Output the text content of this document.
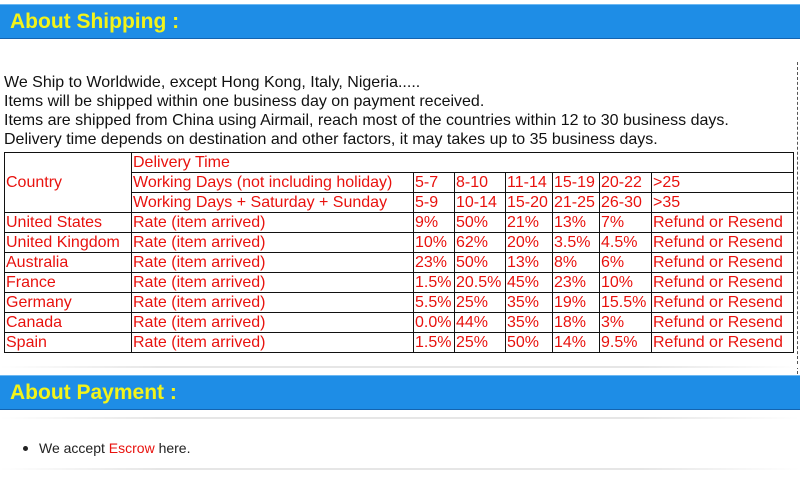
About Shipping :
We Ship to Worldwide, except Hong Kong, Italy, Nigeria.....
Items will be shipped within one business day on payment received.
Items are shipped from China using Airmail, reach most of the countries within 12 to 30 business days.
Delivery time depends on destination and other factors, it may takes up to 35 business days.
Country	Delivery Time						
	Working Days (not including holiday)	5-7	8-10	11-14	15-19	20-22	>25
	Working Days + Saturday + Sunday	5-9	10-14	15-20	21-25	26-30	>35
United States	Rate (item arrived)	9%	50%	21%	13%	7%	Refund or Resend
United Kingdom	Rate (item arrived)	10%	62%	20%	3.5%	4.5%	Refund or Resend
Australia	Rate (item arrived)	23%	50%	13%	8%	6%	Refund or Resend
France	Rate (item arrived)	1.5%	20.5%	45%	23%	10%	Refund or Resend
Germany	Rate (item arrived)	5.5%	25%	35%	19%	15.5%	Refund or Resend
Canada	Rate (item arrived)	0.0%	44%	35%	18%	3%	Refund or Resend
Spain	Rate (item arrived)	1.5%	25%	50%	14%	9.5%	Refund or Resend
About Payment :
We accept Escrow here.
